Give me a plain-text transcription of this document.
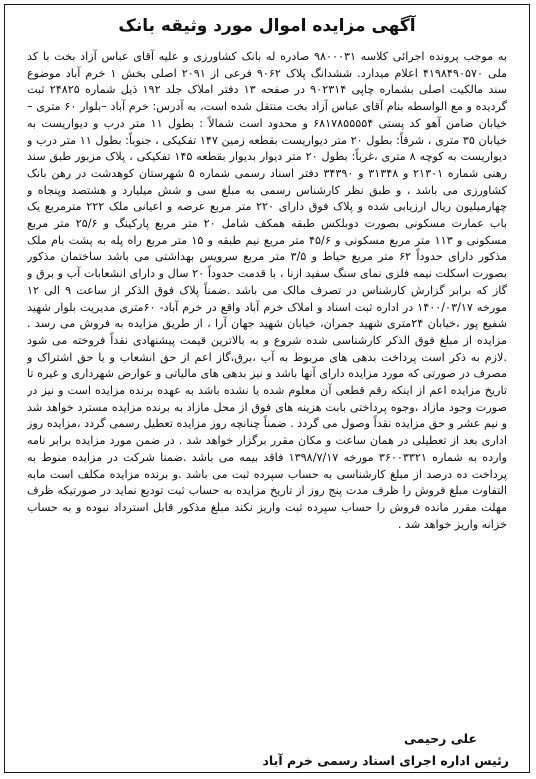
آگهی مزایده اموال مورد وثیقه بانک
به موجب پرونده اجرائی کلاسه ۹۸۰۰۰۳۱ صادره له بانک کشاورزی و علیه آقای عباس آزاد بخت با کد ملی ۴۱۹۸۴۹۰۵۷۰ اعلام میدارد. ششدانگ پلاک ۹۰۶۲ فرعی از ۲۰۹۱ اصلی بخش ۱ خرم آباد موضوع سند مالکیت اصلی بشماره چاپی ۹۰۲۳۱۴ در صفحه ۱۳ دفتر املاک جلد ۱۹۲ ذیل شماره ۲۴۸۲۵ ثبت گردیده و مع الواسطه بنام آقای عباس آزاد بخت منتقل شده است، به آدرس: خرم آباد –بلوار ۶۰ متری – خیابان ضامن آهو کد پستی ۶۸۱۷۸۵۵۵۵۴ و محدود است شمالاً : بطول ۱۱ متر درب و دیواریست به خیابان ۳۵ متری ، شرقاً: بطول ۲۰ متر دیواریست بقطعه زمین ۱۴۷ تفکیکی ، جنوباً: بطول ۱۱ متر درب و دیواریست به کوچه ۸ متری ،غرباً: بطول ۲۰ متر دیوار بدیوار بقطعه ۱۴۵ تفکیکی ، پلاک مزبور طبق سند رهنی شماره ۲۱۳۰۱ و ۳۱۳۴۸ و ۳۴۳۹۰ دفتر اسناد رسمی شماره ۵ شهرستان کوهدشت در رهن بانک کشاورزی می باشد ، و طبق نظر کارشناس رسمی به مبلغ سی و شش میلیارد و هشتصد وپنجاه و چهارمیلیون ریال ارزیابی شده و پلاک فوق دارای ۲۲۰ متر مربع عرصه و اعیانی ملک ۲۲۲ مترمربع یک باب عمارت مسکونی بصورت دوبلکس طبقه همکف شامل ۲۰ متر مربع پارکینگ و ۲۵/۶ متر مربع مسکونی و ۱۱۳ متر مربع مسکونی و ۴۵/۶ متر مربع نیم طبقه و ۱۵ متر مربع راه پله به پشت بام ملک مذکور دارای حدوداً ۶۲ متر مربع حیاط و ۳/۵ متر مربع سرویس بهداشتی می باشد ساختمان مذکور بصورت اسکلت نیمه فلزی نمای سنگ سفید ازنا ، با قدمت حدوداً ۲۰ سال و دارای انشعابات آب و برق و گاز که برابر گزارش کارشناس در تصرف مالک می باشد .ضمناً پلاک فوق الذکر از ساعت ۹ الی ۱۲ مورخه ۱۴۰۰/۰۳/۱۷ در اداره ثبت اسناد و املاک خرم آباد واقع در خرم آباد- ۶۰متری مدیریت بلوار شهید شفیع پور ،خیابان ۲۴متری شهید جمران، خیابان شهید جهان آرا ، از طریق مزایده به فروش می رسد . مزایده از مبلغ فوق الذکر کارشناسی شده شروع و به بالاترین قیمت پیشنهادی نقداً فروخته می شود .لازم به ذکر است پرداخت بدهی های مربوط به آب ،برق،گاز اعم از حق انشعاب و یا حق اشتراک و مصرف در صورتی که مورد مزایده دارای آنها باشد و نیز بدهی های مالیاتی و عوارض شهرداری و غیره تا تاریخ مزایده اعم از اینکه رقم قطعی آن معلوم شده یا نشده باشد به عهده برنده مزایده است و نیز در صورت وجود مازاد ،وجوه پرداختی بابت هزینه های فوق از محل مازاد به برنده مزایده مسترد خواهد شد و نیم عشر و حق مزایده نقداً وصول می گردد . ضمناً چنانچه روز مزایده تعطیل رسمی گردد ،مزایده روز اداری بعد از تعطیلی در همان ساعت و مکان مقرر برگزار خواهد شد . در ضمن مورد مزایده برابر نامه وارده به شماره ۳۶۰۰۳۳۲۱ مورخه ۱۳۹۸/۷/۱۷ فاقد بیمه می باشد .ضمنا شرکت در مزایده منوط به پرداخت ده درصد از مبلغ کارشناسی به حساب سپرده ثبت می باشد .و برنده مزایده مکلف است مابه التفاوت مبلغ فروش را ظرف مدت پنج روز از تاریخ مزایده به حساب ثبت تودیع نماید در صورتیکه ظرف مهلت مقرر مانده فروش را حساب سپرده ثبت واریز نکند مبلغ مذکور قابل استرداد نبوده و به حساب خزانه واریز خواهد شد .
علی رحیمی
رئیس اداره اجرای اسناد رسمی خرم آباد
